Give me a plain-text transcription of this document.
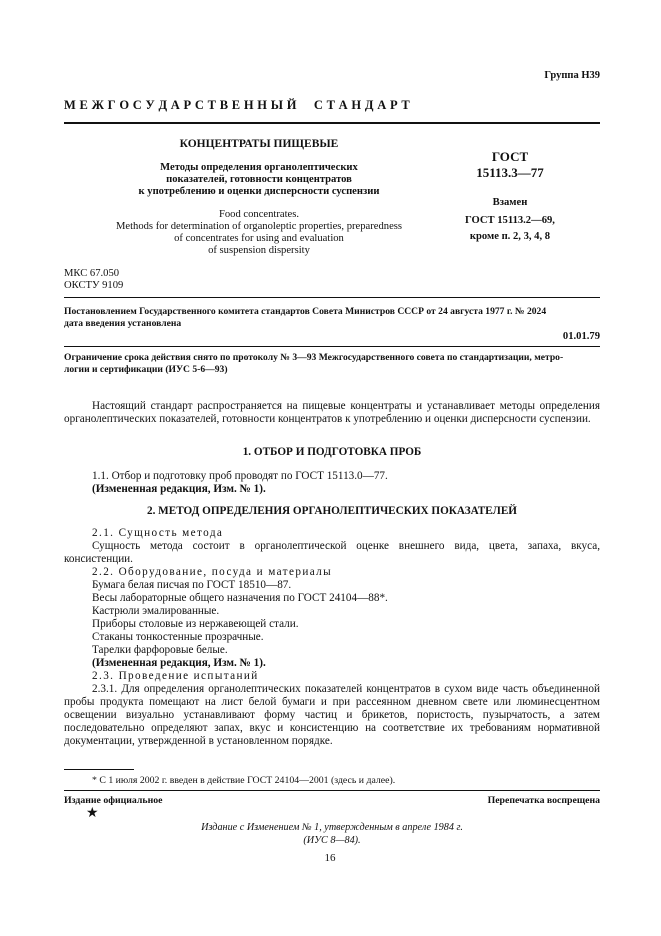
Группа Н39
М Е Ж Г О С У Д А Р С Т В Е Н Н Ы Й     С Т А Н Д А Р Т
КОНЦЕНТРАТЫ ПИЩЕВЫЕ
Методы определения органолептических
показателей, готовности концентратов
к употреблению и оценки дисперсности суспензии
Food concentrates.
Methods for determination of organoleptic properties, preparedness
of concentrates for using and evaluation
of suspension dispersity
ГОСТ
15113.3—77
Взамен
ГОСТ 15113.2—69,
кроме п. 2, 3, 4, 8
МКС 67.050
ОКСТУ 9109
Постановлением Государственного комитета стандартов Совета Министров СССР от 24 августа 1977 г. № 2024
дата введения установлена
01.01.79
Ограничение срока действия снято по протоколу № 3—93 Межгосударственного совета по стандартизации, метро-
логии и сертификации (ИУС 5-6—93)
Настоящий стандарт распространяется на пищевые концентраты и устанавливает методы определения органолептических показателей, готовности концентратов к употреблению и оценки дисперсности суспензии.
1. ОТБОР И ПОДГОТОВКА ПРОБ
1.1. Отбор и подготовку проб проводят по ГОСТ 15113.0—77.
(Измененная редакция, Изм. № 1).
2. МЕТОД ОПРЕДЕЛЕНИЯ ОРГАНОЛЕПТИЧЕСКИХ ПОКАЗАТЕЛЕЙ
2.1. Сущность метода
Сущность метода состоит в органолептической оценке внешнего вида, цвета, запаха, вкуса, консистенции.
2.2. Оборудование, посуда и материалы
Бумага белая писчая по ГОСТ 18510—87.
Весы лабораторные общего назначения по ГОСТ 24104—88*.
Кастрюли эмалированные.
Приборы столовые из нержавеющей стали.
Стаканы тонкостенные прозрачные.
Тарелки фарфоровые белые.
(Измененная редакция, Изм. № 1).
2.3. Проведение испытаний
2.3.1. Для определения органолептических показателей концентратов в сухом виде часть объединенной пробы продукта помещают на лист белой бумаги и при рассеянном дневном свете или люминесцентном освещении визуально устанавливают форму частиц и брикетов, пористость, пузырчатость, а затем последовательно определяют запах, вкус и консистенцию на соответствие их требованиям нормативной документации, утвержденной в установленном порядке.
* С 1 июля 2002 г. введен в действие ГОСТ 24104—2001 (здесь и далее).
Издание официальное	Перепечатка воспрещена
★
Издание с Изменением № 1, утвержденным в апреле 1984 г.
(ИУС 8—84).
16
